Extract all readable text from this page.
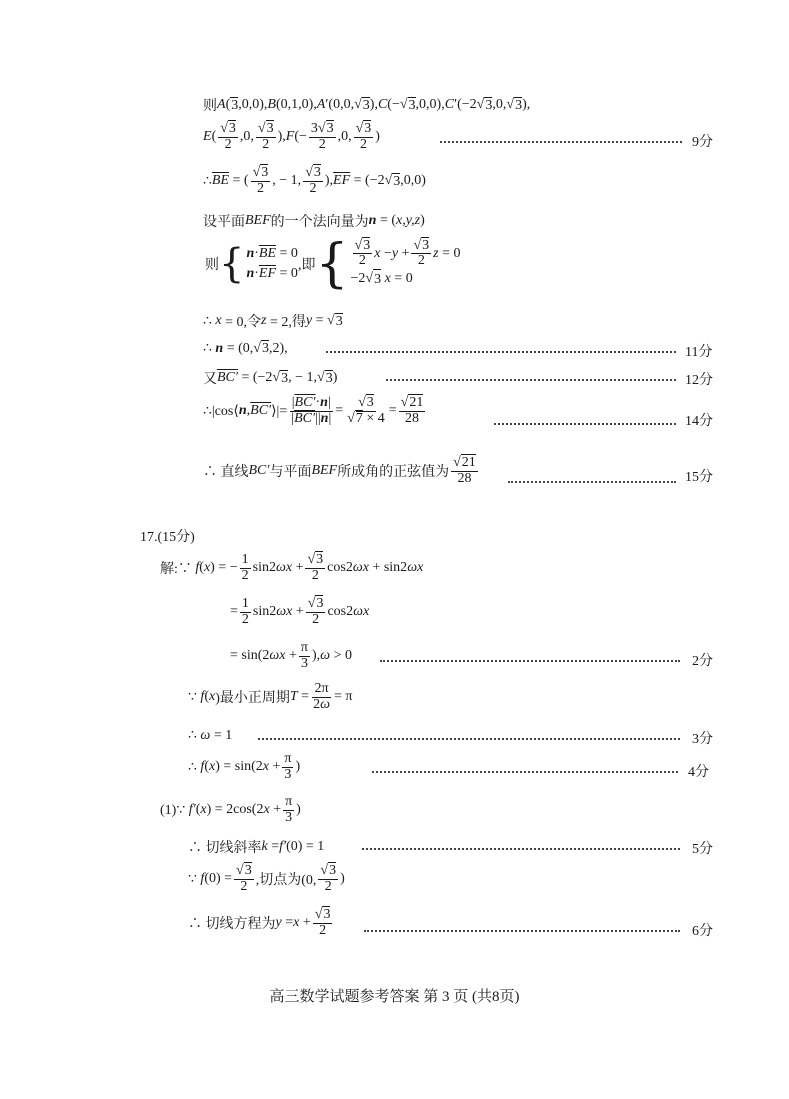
则 A ( 3 ,0,0), B (0,1,0) ,A ′(0,0, √ 3 ), C (−√ 3 ,0,0), C ′(−2√ 3 ,0,√ 3 ),
E ( $\frac{√3}{2} ,0$, $\frac{√3}{2}$ ), F (− $\frac{3√3}{2} ,0$, $\frac{√3}{2}$ )	9分
∴ $\overline{BE}$ = ( $\frac{√3}{2}$ , − 1, $\frac{√3}{2}$ ), $\overline{EF} = (-2√$ 3 ,0,0)
设平面 BEF 的一个法向量为 n = ( x,y,z )
则 { $n \cdot \overline{BE} = 0$
$n \cdot \overline{EF} = 0$
,即 { $\frac{√3}{2}$ $x - y + \frac{√3}{2}$ z = 0
−2√ 3
x = 0
∴ x = 0,令 z = 2,得 y = √ 3
∴ n = (0,√ 3 ,2),	11分
又 BC′ = (−2√ 3 , − 1,√ 3 )	12分
∴|cos⟨ n , BC′ ⟩|= $\frac{|BC'\cdot n|}{|BC'||n|} = \frac{√3}{√7 \times 4} = \frac{√21}{28}$	14分
∴ 直线 BC′ 与平面 BEF 所成角的正弦值为 $\frac{√21}{28}$	15分
17.(15分)
解:∵ f ( x ) = − $\frac{1}{2} \sin 2$ $\omega x + \frac{√3}{2} \cos 2$ ωx + sin2 ωx
= $\frac{1}{2} \sin 2$ $\omega x + \frac{√3}{2} \cos 2$ ωx
= sin(2 $\omega x + \frac{\pi}{3}$ ), ω > 0	2分
∵ f ( x )最小正周期 $T = \frac{2\pi}{2\omega} = \pi$
∴ ω = 1	3分
∴ f ( x ) = sin(2 $x + \frac{\pi}{3}$ )	4分
(1)∵ f′ ( x ) = 2cos(2 $x + \frac{\pi}{3}$ )
∴ 切线斜率 k = f′ (0) = 1	5分
∵ f $(0) = \frac{√3}{2}$ ,切点为(0, $\frac{√3}{2}$ )
∴ 切线方程为 $y = x + \frac{√3}{2}$	6分
高三数学试题参考答案 第 3 页 (共8页)
